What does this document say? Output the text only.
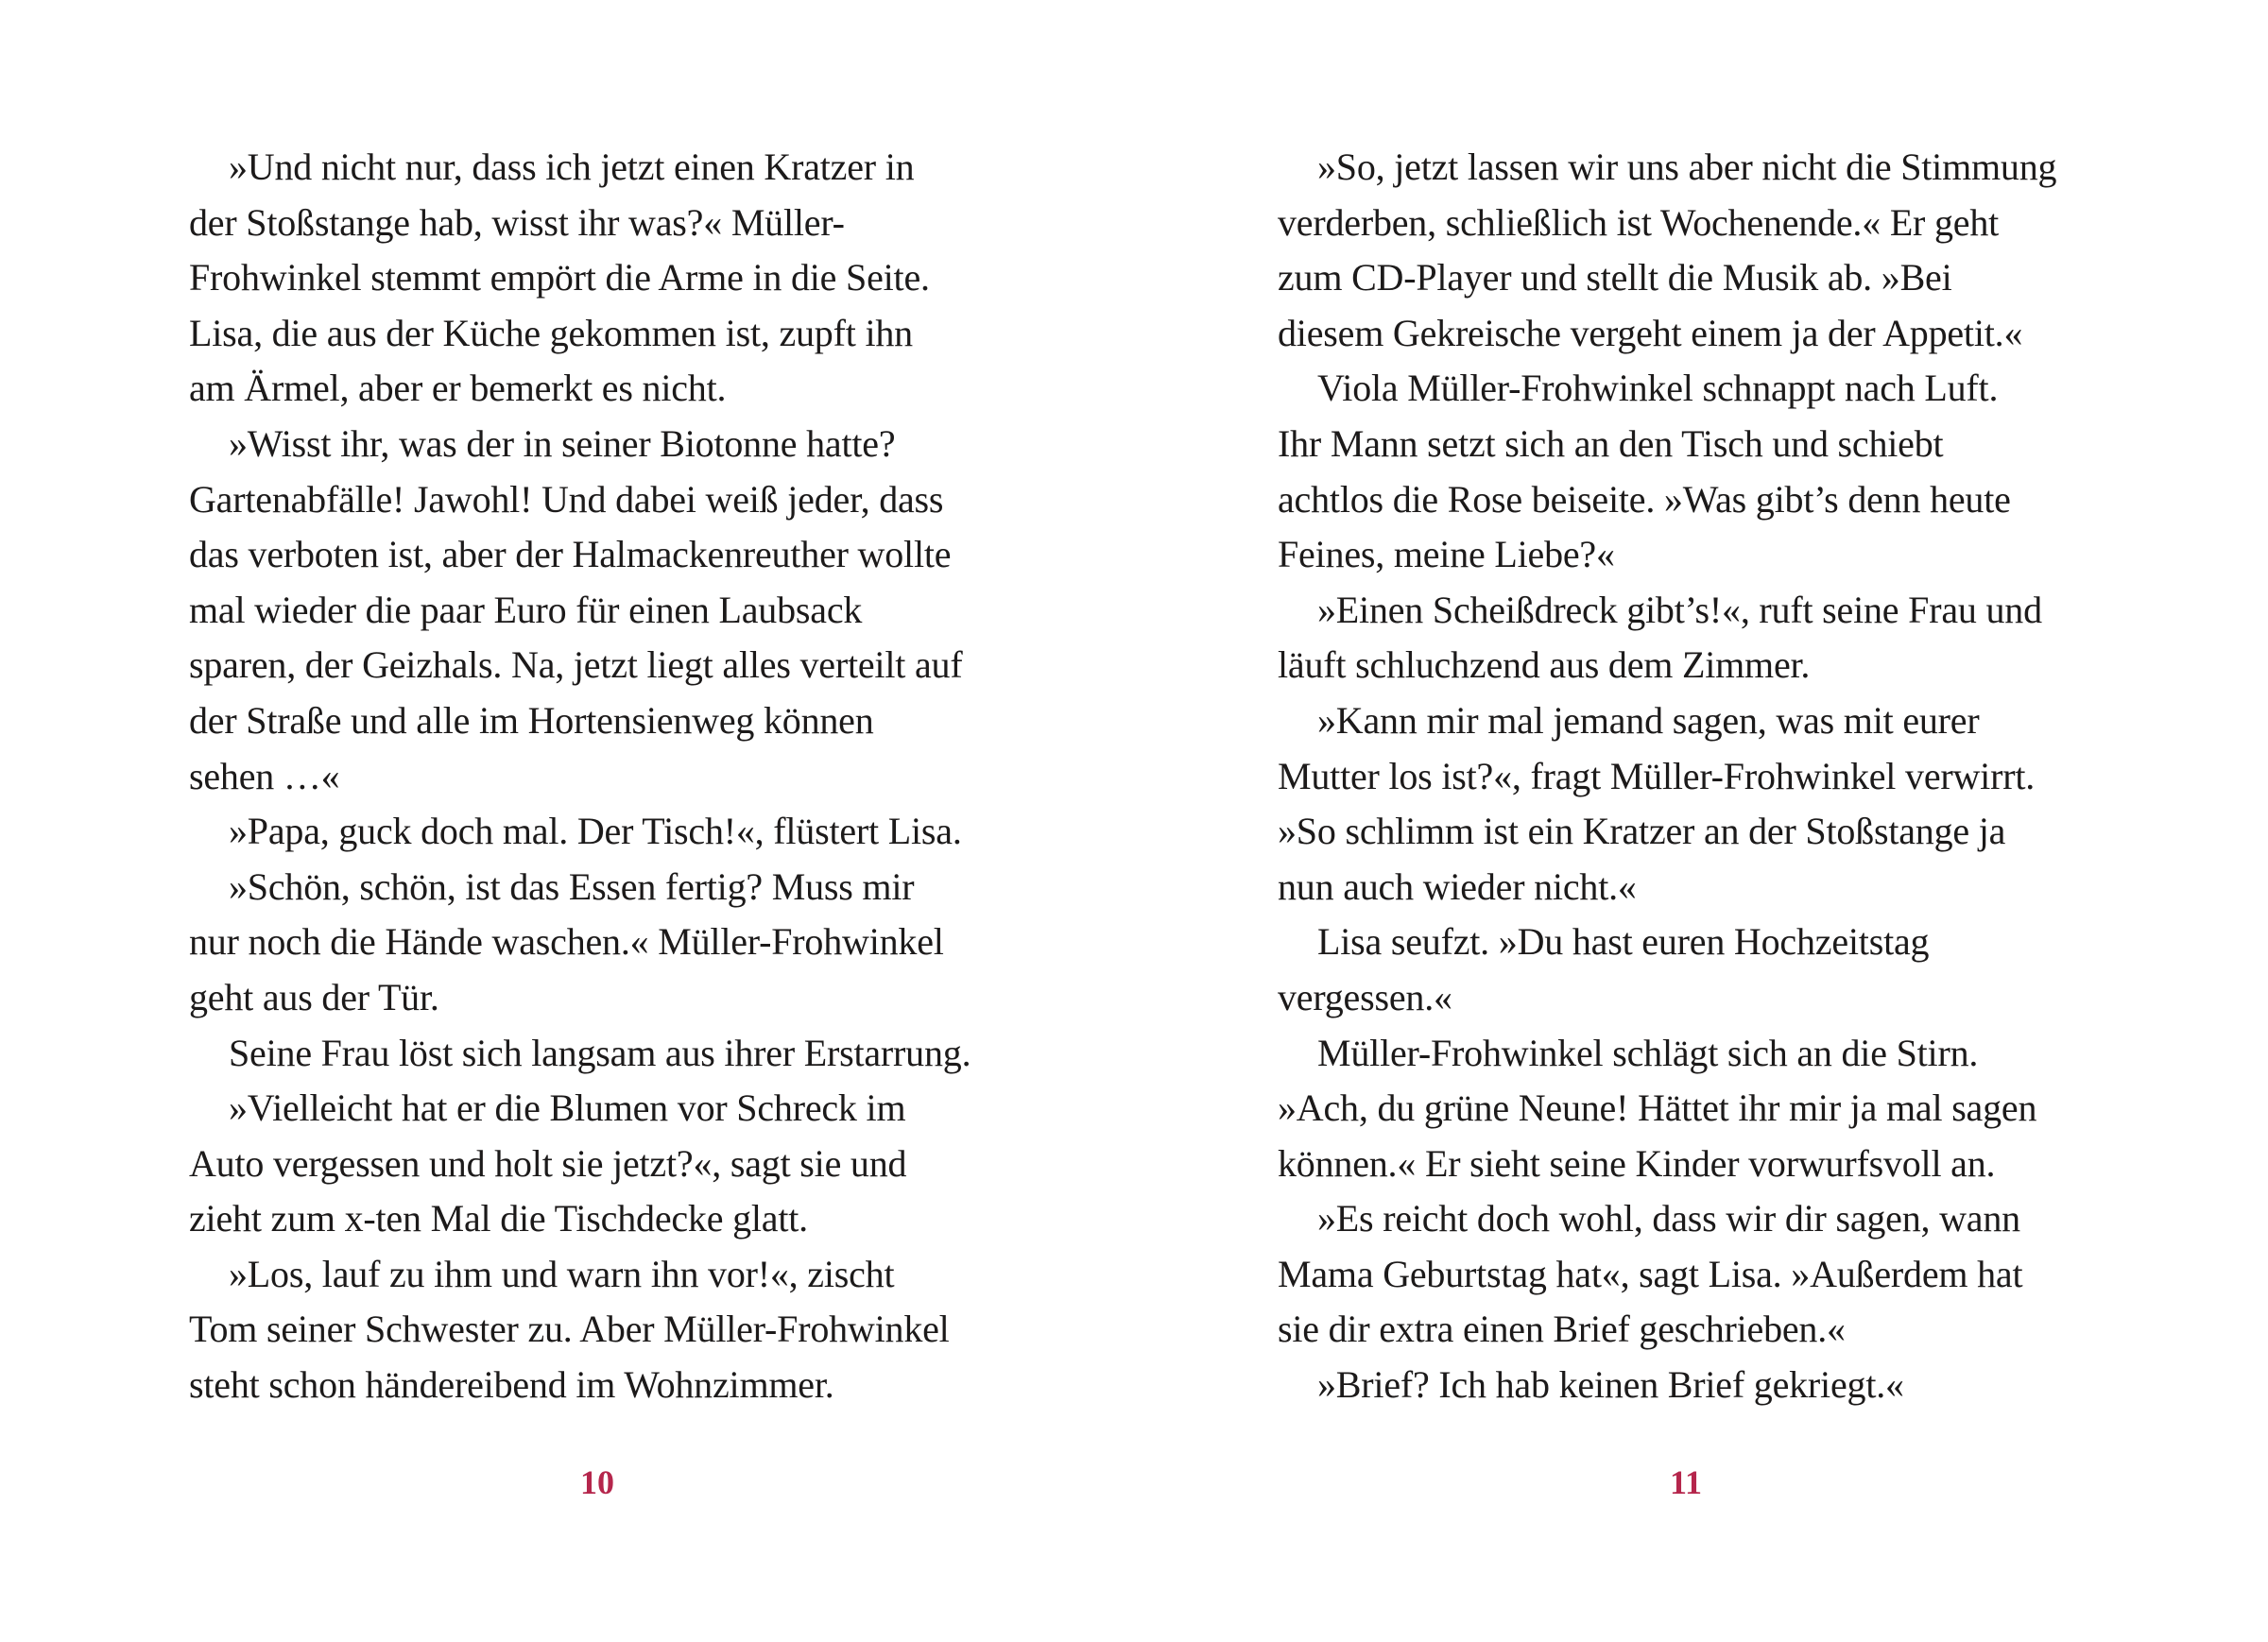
»Und nicht nur, dass ich jetzt einen Kratzer in
der Stoßstange hab, wisst ihr was?« Müller-
Frohwinkel stemmt empört die Arme in die Seite.
Lisa, die aus der Küche gekommen ist, zupft ihn
am Ärmel, aber er bemerkt es nicht.

»Wisst ihr, was der in seiner Biotonne hatte?
Gartenabfälle! Jawohl! Und dabei weiß jeder, dass
das verboten ist, aber der Halmackenreuther wollte
mal wieder die paar Euro für einen Laubsack
sparen, der Geizhals. Na, jetzt liegt alles verteilt auf
der Straße und alle im Hortensienweg können
sehen …«

»Papa, guck doch mal. Der Tisch!«, flüstert Lisa.

»Schön, schön, ist das Essen fertig? Muss mir
nur noch die Hände waschen.« Müller-Frohwinkel
geht aus der Tür.

Seine Frau löst sich langsam aus ihrer Erstarrung.

»Vielleicht hat er die Blumen vor Schreck im
Auto vergessen und holt sie jetzt?«, sagt sie und
zieht zum x-ten Mal die Tischdecke glatt.

»Los, lauf zu ihm und warn ihn vor!«, zischt
Tom seiner Schwester zu. Aber Müller-Frohwinkel
steht schon händereibend im Wohnzimmer.

»So, jetzt lassen wir uns aber nicht die Stimmung
verderben, schließlich ist Wochenende.« Er geht
zum CD-Player und stellt die Musik ab. »Bei
diesem Gekreische vergeht einem ja der Appetit.«

Viola Müller-Frohwinkel schnappt nach Luft.
Ihr Mann setzt sich an den Tisch und schiebt
achtlos die Rose beiseite. »Was gibt’s denn heute
Feines, meine Liebe?«

»Einen Scheißdreck gibt’s!«, ruft seine Frau und
läuft schluchzend aus dem Zimmer.

»Kann mir mal jemand sagen, was mit eurer
Mutter los ist?«, fragt Müller-Frohwinkel verwirrt.
»So schlimm ist ein Kratzer an der Stoßstange ja
nun auch wieder nicht.«

Lisa seufzt. »Du hast euren Hochzeitstag
vergessen.«

Müller-Frohwinkel schlägt sich an die Stirn.
»Ach, du grüne Neune! Hättet ihr mir ja mal sagen
können.« Er sieht seine Kinder vorwurfsvoll an.

»Es reicht doch wohl, dass wir dir sagen, wann
Mama Geburtstag hat«, sagt Lisa. »Außerdem hat
sie dir extra einen Brief geschrieben.«

»Brief? Ich hab keinen Brief gekriegt.«

10	11
